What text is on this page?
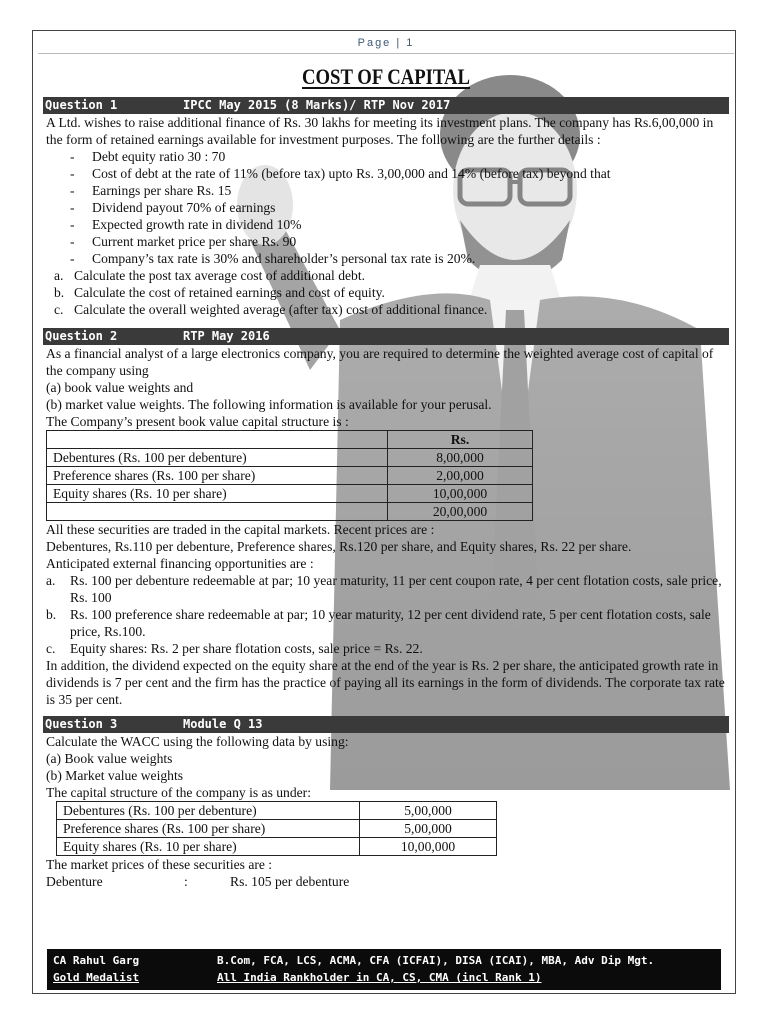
Page | 1
COST OF CAPITAL
Question 1	IPCC May 2015 (8 Marks)/ RTP Nov 2017

A Ltd. wishes to raise additional finance of Rs. 30 lakhs for meeting its investment plans. The company has Rs.6,00,000 in the form of retained earnings available for investment purposes. The following are the further details :

- Debt equity ratio 30 : 70
- Cost of debt at the rate of 11% (before tax) upto Rs. 3,00,000 and 14% (before tax) beyond that
- Earnings per share Rs. 15
- Dividend payout 70% of earnings
- Expected growth rate in dividend 10%
- Current market price per share Rs. 90
- Company’s tax rate is 30% and shareholder’s personal tax rate is 20%.
a. Calculate the post tax average cost of additional debt.
b. Calculate the cost of retained earnings and cost of equity.
c. Calculate the overall weighted average (after tax) cost of additional finance.
Question 2	RTP May 2016

As a financial analyst of a large electronics company, you are required to determine the weighted average cost of capital of the company using

(a) book value weights and

(b) market value weights. The following information is available for your perusal.

The Company’s present book value capital structure is :

	Rs.
Debentures (Rs. 100 per debenture)	8,00,000
Preference shares (Rs. 100 per share)	2,00,000
Equity shares (Rs. 10 per share)	10,00,000
	20,00,000

All these securities are traded in the capital markets. Recent prices are :

Debentures, Rs.110 per debenture, Preference shares, Rs.120 per share, and Equity shares, Rs. 22 per share.

Anticipated external financing opportunities are :

a. Rs. 100 per debenture redeemable at par; 10 year maturity, 11 per cent coupon rate, 4 per cent flotation costs, sale price, Rs. 100
b. Rs. 100 preference share redeemable at par; 10 year maturity, 12 per cent dividend rate, 5 per cent flotation costs, sale price, Rs.100.
c. Equity shares: Rs. 2 per share flotation costs, sale price = Rs. 22.

In addition, the dividend expected on the equity share at the end of the year is Rs. 2 per share, the anticipated growth rate in dividends is 7 per cent and the firm has the practice of paying all its earnings in the form of dividends. The corporate tax rate is 35 per cent.

Question 3	Module Q 13

Calculate the WACC using the following data by using:

(a) Book value weights

(b) Market value weights

The capital structure of the company is as under:

Debentures (Rs. 100 per debenture)	5,00,000
Preference shares (Rs. 100 per share)	5,00,000
Equity shares (Rs. 10 per share)	10,00,000

The market prices of these securities are :

Debenture	:	Rs. 105 per debenture

CA Rahul Garg	B.Com, FCA, LCS, ACMA, CFA (ICFAI), DISA (ICAI), MBA, Adv Dip Mgt.
Gold Medalist	All India Rankholder in CA, CS, CMA (incl Rank 1)
